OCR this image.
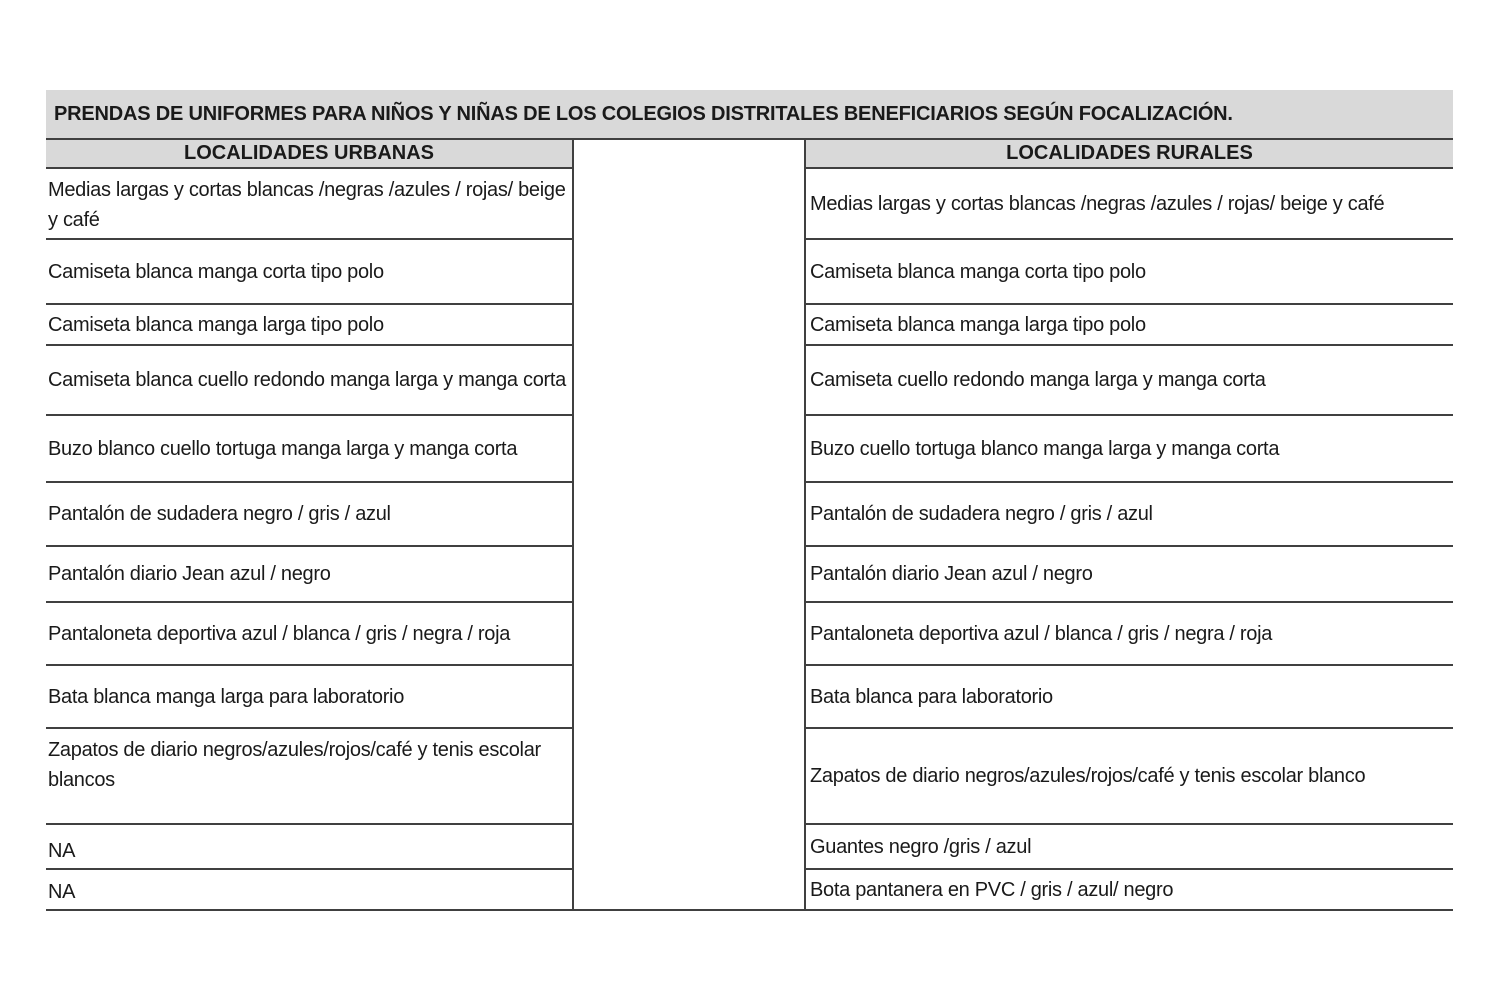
PRENDAS DE UNIFORMES PARA NIÑOS Y NIÑAS DE LOS COLEGIOS DISTRITALES BENEFICIARIOS SEGÚN FOCALIZACIÓN.
LOCALIDADES URBANAS
Medias largas y cortas blancas /negras /azules / rojas/ beige y café
Camiseta blanca manga corta tipo polo
Camiseta blanca manga larga tipo polo
Camiseta blanca cuello redondo manga larga y manga corta
Buzo blanco cuello tortuga manga larga y manga corta
Pantalón de sudadera negro / gris / azul
Pantalón diario Jean azul / negro
Pantaloneta deportiva azul / blanca / gris / negra / roja
Bata blanca manga larga para laboratorio
Zapatos de diario negros/azules/rojos/café y tenis escolar blancos
NA
NA
LOCALIDADES RURALES
Medias largas y cortas blancas /negras /azules / rojas/ beige y café
Camiseta blanca manga corta tipo polo
Camiseta blanca manga larga tipo polo
Camiseta cuello redondo manga larga y manga corta
Buzo cuello tortuga blanco manga larga y manga corta
Pantalón de sudadera negro / gris / azul
Pantalón diario Jean azul / negro
Pantaloneta deportiva azul / blanca / gris / negra / roja
Bata blanca para laboratorio
Zapatos de diario negros/azules/rojos/café y tenis escolar blanco
Guantes negro /gris / azul
Bota pantanera en PVC / gris / azul/ negro
